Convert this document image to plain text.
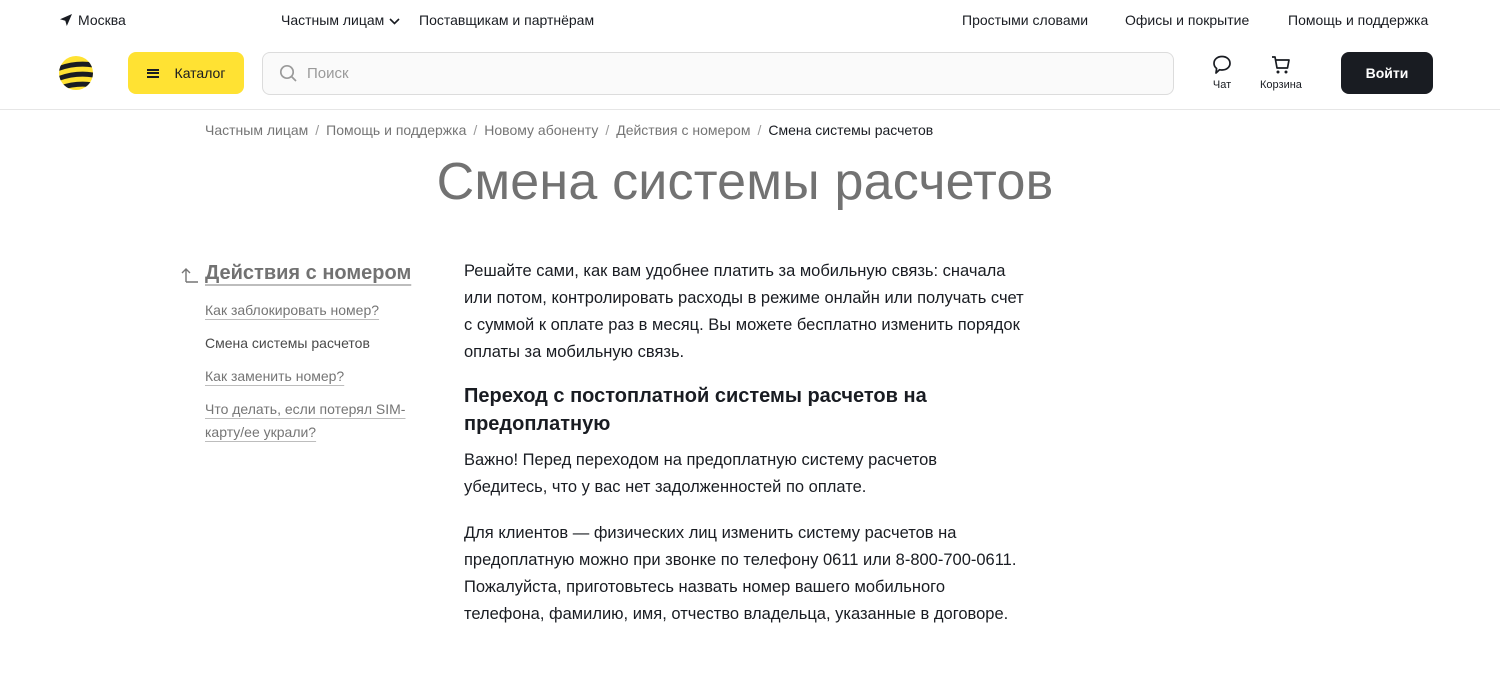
Москва	Частным лицам Поставщикам и партнёрам	Простыми словами	Офисы и покрытие	Помощь и поддержка
Каталог
Поиск
Чат	Корзина
Войти
Частным лицам / Помощь и поддержка / Новому абоненту / Действия с номером / Смена системы расчетов
Смена системы расчетов
Действия с номером
Как заблокировать номер?
Смена системы расчетов
Как заменить номер?
Что делать, если потерял SIM-карту/ее украли?

Решайте сами, как вам удобнее платить за мобильную связь: сначала или потом, контролировать расходы в режиме онлайн или получать счет с суммой к оплате раз в месяц. Вы можете бесплатно изменить порядок оплаты за мобильную связь.

Переход с постоплатной системы расчетов на предоплатную

Важно! Перед переходом на предоплатную систему расчетов убедитесь, что у вас нет задолженностей по оплате.

Для клиентов — физических лиц изменить систему расчетов на предоплатную можно при звонке по телефону 0611 или 8-800-700-0611.

Пожалуйста, приготовьтесь назвать номер вашего мобильного телефона, фамилию, имя, отчество владельца, указанные в договоре.
